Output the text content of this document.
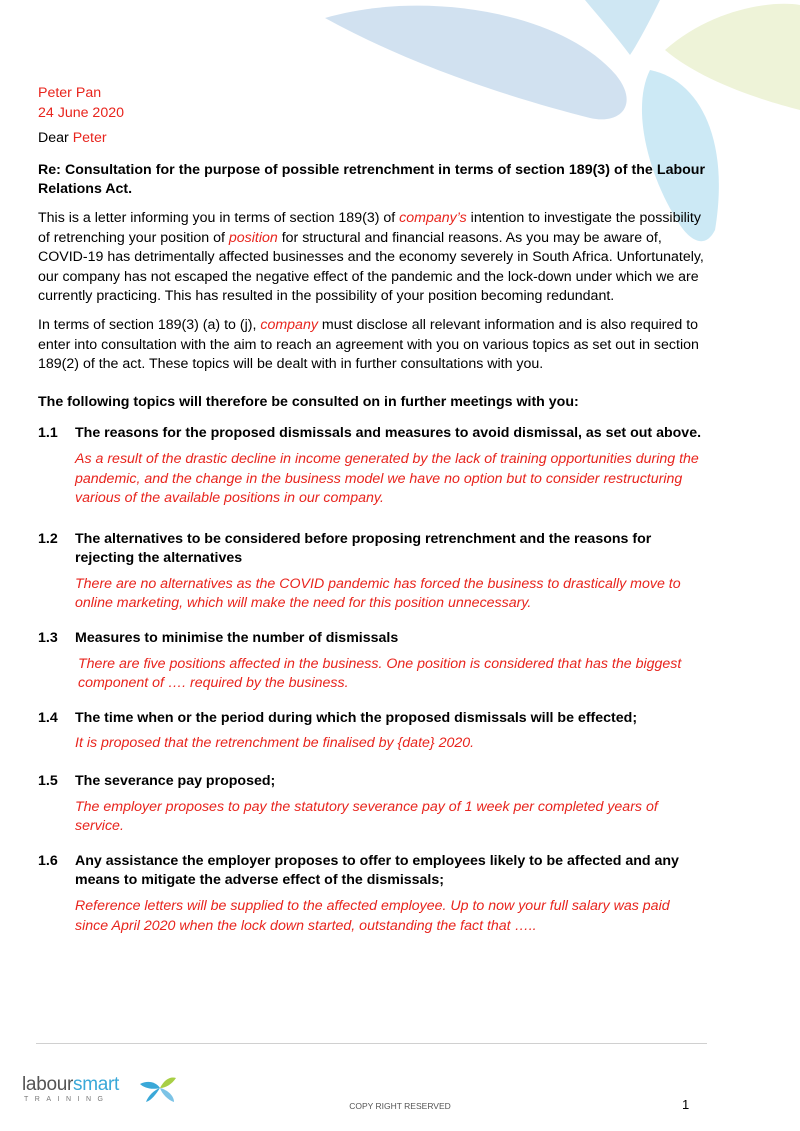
Peter Pan

24 June 2020

Dear Peter

Re: Consultation for the purpose of possible retrenchment in terms of section 189(3) of the Labour Relations Act.

This is a letter informing you in terms of section 189(3) of company’s intention to investigate the possibility of retrenching your position of position for structural and financial reasons. As you may be aware of, COVID-19 has detrimentally affected businesses and the economy severely in South Africa. Unfortunately, our company has not escaped the negative effect of the pandemic and the lock-down under which we are currently practicing. This has resulted in the possibility of your position becoming redundant.

In terms of section 189(3) (a) to (j), company must disclose all relevant information and is also required to enter into consultation with the aim to reach an agreement with you on various topics as set out in section 189(2) of the act. These topics will be dealt with in further consultations with you.

The following topics will therefore be consulted on in further meetings with you:

1.1 The reasons for the proposed dismissals and measures to avoid dismissal, as set out above.
As a result of the drastic decline in income generated by the lack of training opportunities during the pandemic, and the change in the business model we have no option but to consider restructuring various of the available positions in our company.
1.2 The alternatives to be considered before proposing retrenchment and the reasons for rejecting the alternatives
There are no alternatives as the COVID pandemic has forced the business to drastically move to online marketing, which will make the need for this position unnecessary.
1.3 Measures to minimise the number of dismissals
There are five positions affected in the business. One position is considered that has the biggest component of …. required by the business.
1.4 The time when or the period during which the proposed dismissals will be effected;
It is proposed that the retrenchment be finalised by {date} 2020.
1.5 The severance pay proposed;
The employer proposes to pay the statutory severance pay of 1 week per completed years of service.
1.6 Any assistance the employer proposes to offer to employees likely to be affected and any means to mitigate the adverse effect of the dismissals;
Reference letters will be supplied to the affected employee. Up to now your full salary was paid since April 2020 when the lock down started, outstanding the fact that …..
laboursmart
TRAINING
COPY RIGHT RESERVED	1
